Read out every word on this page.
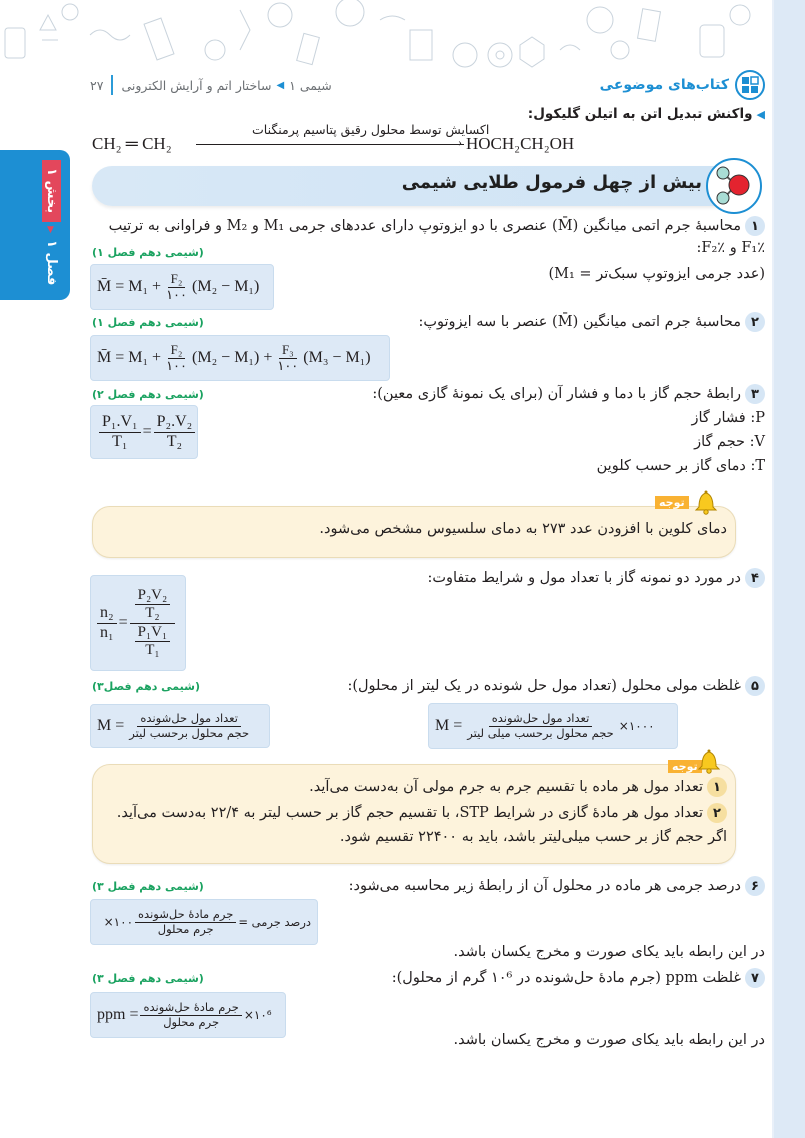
کتاب‌های موضوعی
۲۷	شیمی ۱
◀
ساختار اتم و آرایش الکترونی
بخش ۱
▼
فصل ۱
◀واکنش تبدیل اتن به اتیلن گلیکول:
CH₂ ═ CH₂
اکسایش توسط محلول رقیق پتاسیم پرمنگنات
› HOCH₂CH₂OH
بیش از چهل فرمول طلایی شیمی
۱محاسبهٔ جرم اتمی میانگین (M̄) عنصری با دو ایزوتوپ دارای عددهای جرمی M₁ و M₂ و فراوانی به ترتیب
F₁٪ و F₂٪:
(شیمی دهم فصل ۱)
(عدد جرمی ایزوتوپ سبک‌تر = M₁)
M̄ = $M_1 + \frac{\text{F₂}}{۱۰۰} (M_2 - M_1)$
۲محاسبهٔ جرم اتمی میانگین (M̄) عنصر با سه ایزوتوپ:
(شیمی دهم فصل ۱)
M̄ = $M_1 + \frac{\text{F₂}}{۱۰۰} (M_2 - M_1) + \frac{\text{F₃}}{۱۰۰} (M_3 - M_1)$
۳رابطهٔ حجم گاز با دما و فشار آن (برای یک نمونهٔ گازی معین):
(شیمی دهم فصل ۲)
P: فشار گاز
V: حجم گاز
T: دمای گاز بر حسب کلوین
$\frac{\text{P₁.V₁}}{\text{T₁}} = \frac{\text{P₂.V₂}}{\text{T₂}}$
دمای کلوین با افزودن عدد ۲۷۳ به دمای سلسیوس مشخص می‌شود.
توجه
۴در مورد دو نمونه گاز با تعداد مول و شرایط متفاوت:
$\frac{\text{n₂}}{\text{n₁}} = \frac{\frac{\text{P₂V₂}}{\text{T₂}}}{\frac{\text{P₁V₁}}{\text{T₁}}}$
۵غلظت مولی محلول (تعداد مول حل شونده در یک لیتر از محلول):
(شیمی دهم فصل۳)
$M = \frac{\text{تعداد مول حل‌شونده}}{\text{حجم محلول برحسب لیتر}}$	$M = \frac{\text{تعداد مول حل‌شونده}}{\text{حجم محلول برحسب میلی لیتر}}$ ×۱۰۰۰
۱تعداد مول هر ماده با تقسیم جرم به جرم مولی آن به‌دست می‌آید.
۲تعداد مول هر مادهٔ گازی در شرایط STP، با تقسیم حجم گاز بر حسب لیتر به ۲۲/۴ به‌دست می‌آید.
اگر حجم گاز بر حسب میلی‌لیتر باشد، باید به ۲۲۴۰۰ تقسیم شود.
توجه
۶درصد جرمی هر ماده در محلول آن از رابطهٔ زیر محاسبه می‌شود:
(شیمی دهم فصل ۳)
درصد جرمی =
$\frac{\text{جرم مادهٔ حل‌شونده}}{\text{جرم محلول}}$
×۱۰۰
در این رابطه باید یکای صورت و مخرج یکسان باشد.
۷غلظت ppm (جرم مادهٔ حل‌شونده در ۱۰⁶ گرم از محلول):
(شیمی دهم فصل ۳)
ppm = $\frac{\text{جرم مادهٔ حل‌شونده}}{\text{جرم محلول}}$ ×۱۰⁶
در این رابطه باید یکای صورت و مخرج یکسان باشد.
